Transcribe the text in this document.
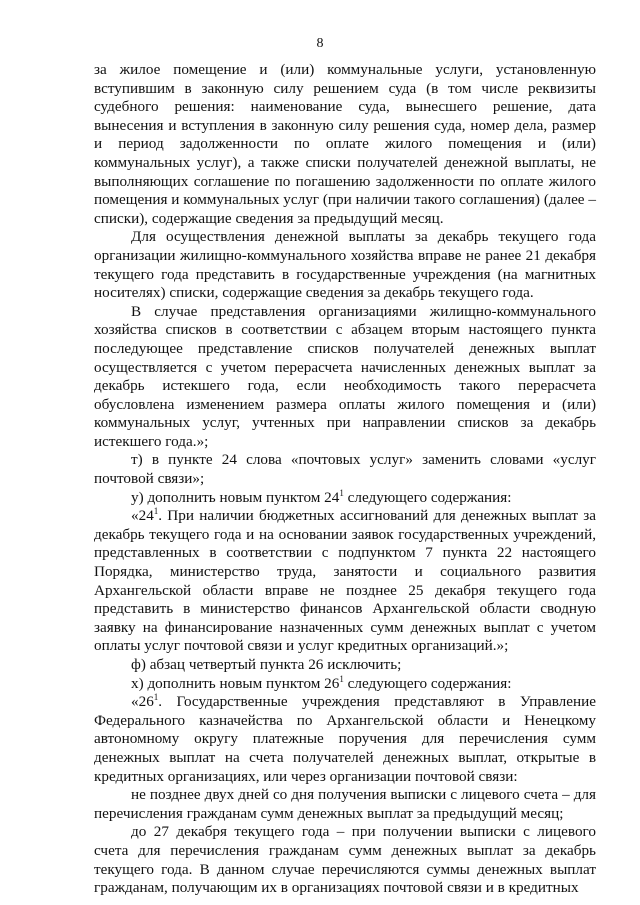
8

за жилое помещение и (или) коммунальные услуги, установленную вступившим в законную силу решением суда (в том числе реквизиты судебного решения: наименование суда, вынесшего решение, дата вынесения и вступления в законную силу решения суда, номер дела, размер и период задолженности по оплате жилого помещения и (или) коммунальных услуг), а также списки получателей денежной выплаты, не выполняющих соглашение по погашению задолженности по оплате жилого помещения и коммунальных услуг (при наличии такого соглашения) (далее – списки), содержащие сведения за предыдущий месяц.

Для осуществления денежной выплаты за декабрь текущего года организации жилищно-коммунального хозяйства вправе не ранее 21 декабря текущего года представить в государственные учреждения (на магнитных носителях) списки, содержащие сведения за декабрь текущего года.

В случае представления организациями жилищно-коммунального хозяйства списков в соответствии с абзацем вторым настоящего пункта последующее представление списков получателей денежных выплат осуществляется с учетом перерасчета начисленных денежных выплат за декабрь истекшего года, если необходимость такого перерасчета обусловлена изменением размера оплаты жилого помещения и (или) коммунальных услуг, учтенных при направлении списков за декабрь истекшего года.»;

т) в пункте 24 слова «почтовых услуг» заменить словами «услуг почтовой связи»;

у) дополнить новым пунктом $24^1$ следующего содержания:

«$24^1$. При наличии бюджетных ассигнований для денежных выплат за декабрь текущего года и на основании заявок государственных учреждений, представленных в соответствии с подпунктом 7 пункта 22 настоящего Порядка, министерство труда, занятости и социального развития Архангельской области вправе не позднее 25 декабря текущего года представить в министерство финансов Архангельской области сводную заявку на финансирование назначенных сумм денежных выплат с учетом оплаты услуг почтовой связи и услуг кредитных организаций.»;

ф) абзац четвертый пункта 26 исключить;

х) дополнить новым пунктом $26^1$ следующего содержания:

«$26^1$. Государственные учреждения представляют в Управление Федерального казначейства по Архангельской области и Ненецкому автономному округу платежные поручения для перечисления сумм денежных выплат на счета получателей денежных выплат, открытые в кредитных организациях, или через организации почтовой связи:

не позднее двух дней со дня получения выписки с лицевого счета – для перечисления гражданам сумм денежных выплат за предыдущий месяц;

до 27 декабря текущего года – при получении выписки с лицевого счета для перечисления гражданам сумм денежных выплат за декабрь текущего года. В данном случае перечисляются суммы денежных выплат гражданам, получающим их в организациях почтовой связи и в кредитных
